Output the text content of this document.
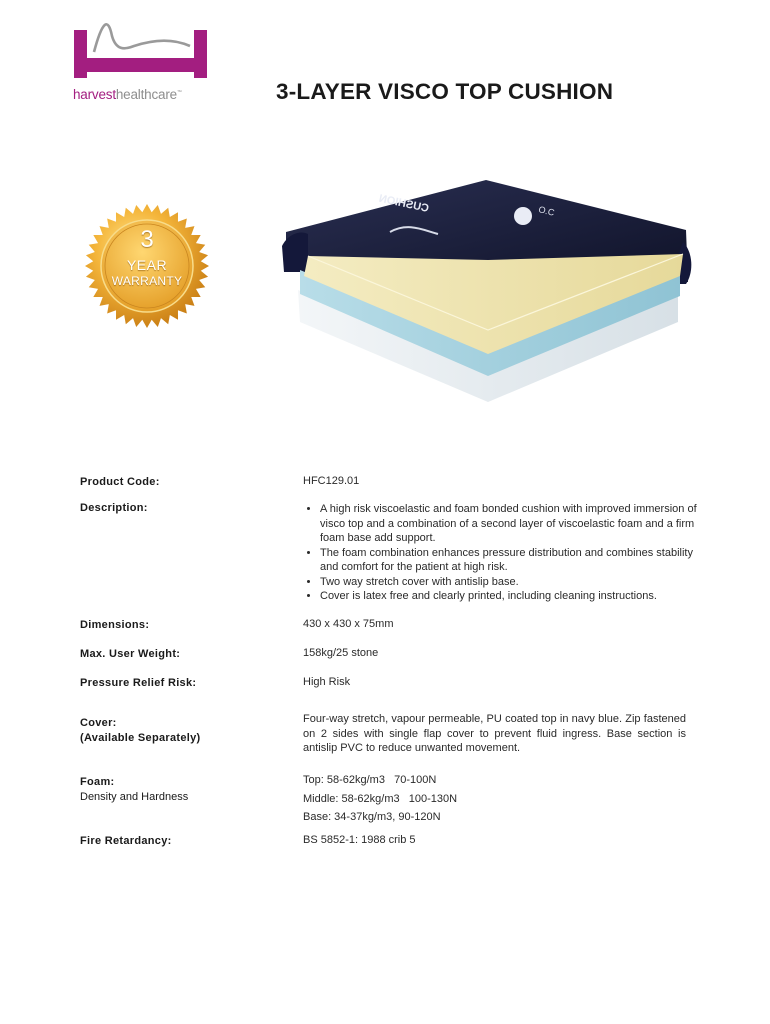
harvesthealthcare™	3-LAYER VISCO TOP CUSHION
3
YEAR
WARRANTY
CUSHION	O.C
Product Code:	HFC129.01
Description:
•	A high risk viscoelastic and foam bonded cushion with improved immersion of visco top and a combination of a second layer of viscoelastic foam and a firm foam base add support.
• The foam combination enhances pressure distribution and combines stability and comfort for the patient at high risk.
• Two way stretch cover with antislip base.
• Cover is latex free and clearly printed, including cleaning instructions.
Dimensions:	430 x 430 x 75mm
Max. User Weight:	158kg/25 stone
Pressure Relief Risk:	High Risk
Cover:
(Available Separately)
Four-way stretch, vapour permeable, PU coated top in navy blue. Zip fastened on 2 sides with single flap cover to prevent fluid ingress. Base section is antislip PVC to reduce unwanted movement.
Foam:
Density and Hardness
Top: 58-62kg/m3   70-100N
Middle: 58-62kg/m3   100-130N
Base: 34-37kg/m3, 90-120N
Fire Retardancy:	BS 5852-1: 1988 crib 5
